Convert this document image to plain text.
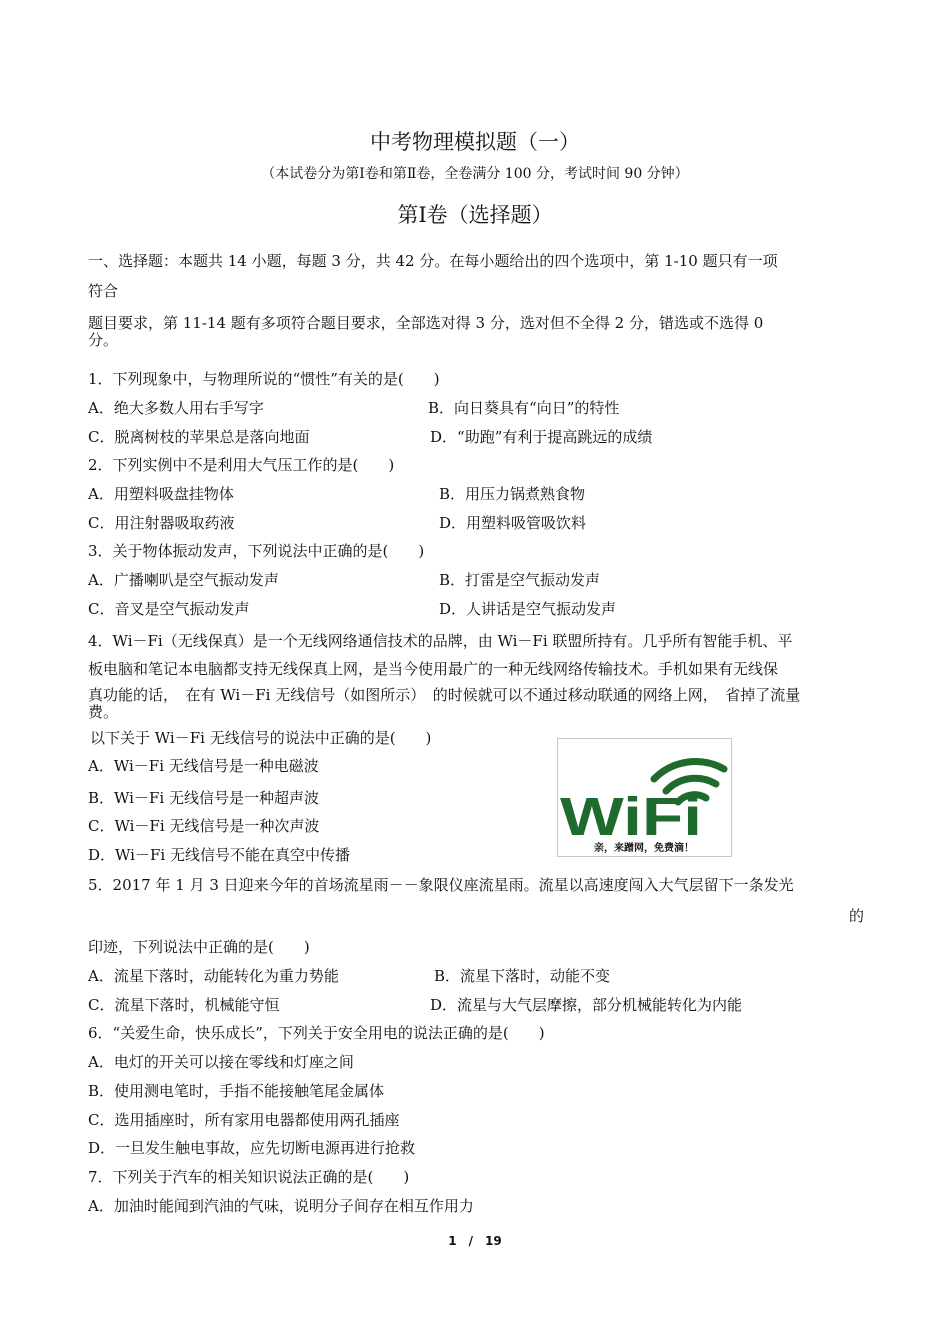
中考物理模拟题（一）
（本试卷分为第Ⅰ卷和第Ⅱ卷，全卷满分 100 分，考试时间 90 分钟）
第Ⅰ卷（选择题）
一、选择题：本题共 14 小题，每题 3 分，共 42 分。在每小题给出的四个选项中，第 1-10 题只有一项
符合
题目要求，第 11-14 题有多项符合题目要求，全部选对得 3 分，选对但不全得 2 分，错选或不选得 0
分。
1．下列现象中，与物理所说的“惯性”有关的是(　　)
A．绝大多数人用右手写字	B．向日葵具有“向日”的特性
C．脱离树枝的苹果总是落向地面	D．“助跑”有利于提高跳远的成绩
2．下列实例中不是利用大气压工作的是(　　)
A．用塑料吸盘挂物体	B．用压力锅煮熟食物
C．用注射器吸取药液	D．用塑料吸管吸饮料
3．关于物体振动发声，下列说法中正确的是(　　)
A．广播喇叭是空气振动发声	B．打雷是空气振动发声
C．音叉是空气振动发声	D．人讲话是空气振动发声
4．Wi－Fi（无线保真）是一个无线网络通信技术的品牌，由 Wi－Fi 联盟所持有。几乎所有智能手机、平
板电脑和笔记本电脑都支持无线保真上网，是当今使用最广的一种无线网络传输技术。手机如果有无线保
真功能的话，　在有 Wi－Fi 无线信号（如图所示）　的时候就可以不通过移动联通的网络上网，　省掉了流量
费。
以下关于 Wi－Fi 无线信号的说法中正确的是(　　)
A．Wi－Fi 无线信号是一种电磁波
B．Wi－Fi 无线信号是一种超声波
C．Wi－Fi 无线信号是一种次声波
D．Wi－Fi 无线信号不能在真空中传播
WiFi
亲，来蹭网，免费滴！
5．2017 年 1 月 3 日迎来今年的首场流星雨－－象限仪座流星雨。流星以高速度闯入大气层留下一条发光
的
印迹，下列说法中正确的是(　　)
A．流星下落时，动能转化为重力势能	B．流星下落时，动能不变
C．流星下落时，机械能守恒	D．流星与大气层摩擦，部分机械能转化为内能
6．“关爱生命，快乐成长”，下列关于安全用电的说法正确的是(　　)
A．电灯的开关可以接在零线和灯座之间
B．使用测电笔时，手指不能接触笔尾金属体
C．选用插座时，所有家用电器都使用两孔插座
D．一旦发生触电事故，应先切断电源再进行抢救
7．下列关于汽车的相关知识说法正确的是(　　)
A．加油时能闻到汽油的气味，说明分子间存在相互作用力
1　/　19
